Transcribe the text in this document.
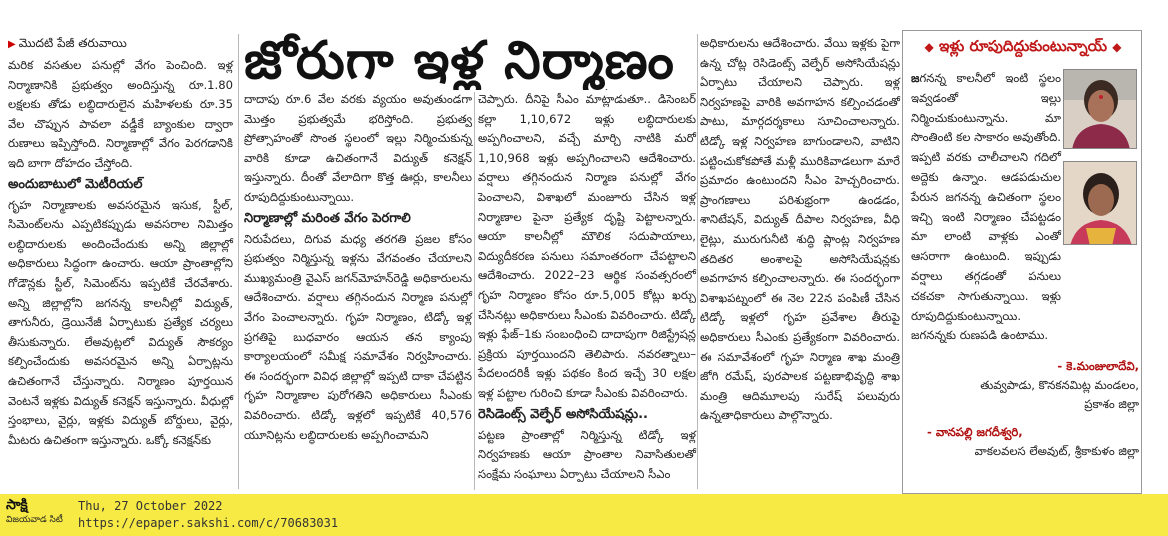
▶ మొదటి పేజీ తరువాయి

మరిక వసతుల పనుల్లో వేగం పెంచింది. ఇళ్ల నిర్మాణానికి ప్రభుత్వం అందిస్తున్న రూ.1.80 లక్షలకు తోడు లబ్ధిదారులైన మహిళలకు రూ.35 వేల చొప్పున పావలా వడ్డీకే బ్యాంకుల ద్వారా రుణాలు ఇప్పిస్తోంది. నిర్మాణాల్లో వేగం పెరగడానికి ఇది బాగా దోహదం చేస్తోంది.

అందుబాటులో మెటీరియల్‌

గృహ నిర్మాణాలకు అవసరమైన ఇసుక, స్టీల్, సిమెంట్‌లను ఎప్పటికప్పుడు అవసరాల నిమిత్తం లబ్ధిదారులకు అందించేందుకు అన్ని జిల్లాల్లో అధికారులు సిద్ధంగా ఉంచారు. ఆయా ప్రాంతాల్లోని గోడౌన్లకు స్టీల్, సిమెంట్‌ను ఇప్పటికే చేరవేశారు. అన్ని జిల్లాల్లోని జగనన్న కాలనీల్లో విద్యుత్, తాగునీరు, డ్రెయినేజీ ఏర్పాటుకు ప్రత్యేక చర్యలు తీసుకున్నారు. లేఅవుట్లలో విద్యుత్‌ సౌకర్యం కల్పించేందుకు అవసరమైన అన్ని ఏర్పాట్లను ఉచితంగానే చేస్తున్నారు. నిర్మాణం పూర్తయిన వెంటనే ఇళ్లకు విద్యుత్‌ కనెక్షన్‌ ఇస్తున్నారు. వీధుల్లో స్తంభాలు, వైర్లు, ఇళ్లకు విద్యుత్‌ బోర్డులు, వైర్లు, మీటరు ఉచితంగా ఇస్తున్నారు. ఒక్కో కనెక్షన్‌కు

జోరుగా ఇళ్ల నిర్మాణం

దాదాపు రూ.6 వేల వరకు వ్యయం అవుతుండగా మొత్తం ప్రభుత్వమే భరిస్తోంది. ప్రభుత్వ ప్రోత్సాహంతో సొంత స్థలంలో ఇల్లు నిర్మించుకున్న వారికి కూడా ఉచితంగానే విద్యుత్‌ కనెక్షన్‌ ఇస్తున్నారు. దీంతో వేలాదిగా కొత్త ఊర్లు, కాలనీలు రూపుదిద్దుకుంటున్నాయి.

నిర్మాణాల్లో మరింత వేగం పెరగాలి

నిరుపేదలు, దిగువ మధ్య తరగతి ప్రజల కోసం ప్రభుత్వం నిర్మిస్తున్న ఇళ్లను వేగవంతం చేయాలని ముఖ్యమంత్రి వైఎస్‌ జగన్‌మోహన్‌రెడ్డి అధికారులను ఆదేశించారు. వర్షాలు తగ్గినందున నిర్మాణ పనుల్లో వేగం పెంచాలన్నారు. గృహ నిర్మాణం, టిడ్కో ఇళ్ల ప్రగతిపై బుధవారం ఆయన తన క్యాంపు కార్యాలయంలో సమీక్ష సమావేశం నిర్వహించారు. ఈ సందర్భంగా వివిధ జిల్లాల్లో ఇప్పటి దాకా చేపట్టిన గృహ నిర్మాణాల పురోగతిని అధికారులు సీఎంకు వివరించారు. టిడ్కో ఇళ్లలో ఇప్పటికే 40,576 యూనిట్లను లబ్ధిదారులకు అప్పగించామని

చెప్పారు. దీనిపై సీఎం మాట్లాడుతూ.. డిసెంబర్‌ కల్లా 1,10,672 ఇళ్లు లబ్ధిదారులకు అప్పగించాలని, వచ్చే మార్చి నాటికి మరో 1,10,968 ఇళ్లు అప్పగించాలని ఆదేశించారు. వర్షాలు తగ్గినందున నిర్మాణ పనుల్లో వేగం పెంచాలని, విశాఖలో మంజూరు చేసిన ఇళ్ల నిర్మాణాల పైనా ప్రత్యేక దృష్టి పెట్టాలన్నారు. ఆయా కాలనీల్లో మౌలిక సదుపాయాలు, విద్యుదీకరణ పనులు సమాంతరంగా చేపట్టాలని ఆదేశించారు. 2022–23 ఆర్థిక సంవత్సరంలో గృహ నిర్మాణం కోసం రూ.5,005 కోట్లు ఖర్చు చేసినట్లు అధికారులు సీఎంకు వివరించారు. టిడ్కో ఇళ్లు ఫేజ్‌–1కు సంబంధించి దాదాపుగా రిజిస్ట్రేషన్ల ప్రక్రియ పూర్తయిందని తెలిపారు. నవరత్నాలు–పేదలందరికీ ఇళ్లు పథకం కింద ఇచ్చే 30 లక్షల ఇళ్ల పట్టాల గురించి కూడా సీఎంకు వివరించారు.

రెసిడెంట్స్‌ వెల్ఫేర్‌ అసోసియేషన్లు..

పట్టణ ప్రాంతాల్లో నిర్మిస్తున్న టిడ్కో ఇళ్ల నిర్వహణకు ఆయా ప్రాంతాల నివాసితులతో సంక్షేమ సంఘాలు ఏర్పాటు చేయాలని సీఎం

అధికారులను ఆదేశించారు. వేయి ఇళ్లకు పైగా ఉన్న చోట్ల రెసిడెంట్స్‌ వెల్ఫేర్‌ అసోసియేషన్లు ఏర్పాటు చేయాలని చెప్పారు. ఇళ్ల నిర్వహణపై వారికి అవగాహన కల్పించడంతో పాటు, మార్గదర్శకాలు సూచించాలన్నారు. టిడ్కో ఇళ్ల నిర్వహణ బాగుండాలని, వాటిని పట్టించుకోకపోతే మళ్లీ మురికివాడలుగా మారే ప్రమాదం ఉంటుందని సీఎం హెచ్చరించారు. ప్రాంగణాలు పరిశుభ్రంగా ఉండడం, శానిటేషన్, విద్యుత్‌ దీపాల నిర్వహణ, వీధి లైట్లు, మురుగునీటి శుద్ధి ప్లాంట్ల నిర్వహణ తదితర అంశాలపై అసోసియేషన్లకు అవగాహన కల్పించాలన్నారు. ఈ సందర్భంగా విశాఖపట్నంలో ఈ నెల 22న పంపిణీ చేసిన టిడ్కో ఇళ్లలో గృహ ప్రవేశాల తీరుపై అధికారులు సీఎంకు ప్రత్యేకంగా వివరించారు. ఈ సమావేశంలో గృహ నిర్మాణ శాఖ మంత్రి జోగి రమేష్, పురపాలక పట్టణాభివృద్ధి శాఖ మంత్రి ఆదిమూలపు సురేష్‌ పలువురు ఉన్నతాధికారులు పాల్గొన్నారు.

◆ ఇళ్లు రూపుదిద్దుకుంటున్నాయ్‌ ◆
జగనన్న కాలనీలో ఇంటి స్థలం ఇవ్వడంతో ఇల్లు నిర్మించుకుంటున్నాను. మా సొంతింటి కల సాకారం అవుతోంది. ఇప్పటి వరకు చాలీచాలని గదిలో అద్దెకు ఉన్నాం. ఆడపడుచుల పేరున జగనన్న ఉచితంగా స్థలం ఇచ్చి ఇంటి నిర్మాణం చేపట్టడం మా లాంటి వాళ్లకు ఎంతో ఆసరాగా ఉంటుంది. ఇప్పుడు వర్షాలు తగ్గడంతో పనులు చకచకా సాగుతున్నాయి. ఇళ్లు రూపుదిద్దుకుంటున్నాయి. జగనన్నకు రుణపడి ఉంటాము.
- కె.మంజులాదేవి,
తువ్వపాడు, కొనకనమిట్ల మండలం, ప్రకాశం జిల్లా
- వానపల్లి జగదీశ్వరి,
వాకలవలస లేఅవుట్, శ్రీకాకుళం జిల్లా
సాక్షి
విజయవాడ సిటీ
Thu, 27 October 2022
https://epaper.sakshi.com/c/70683031
